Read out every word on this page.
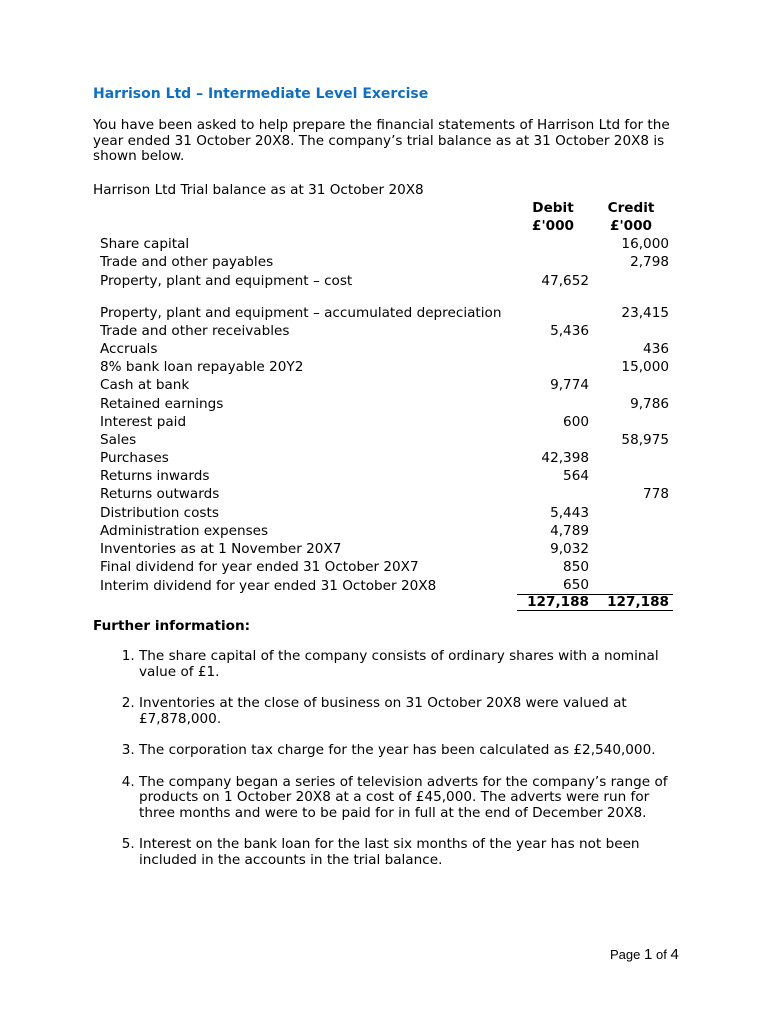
Harrison Ltd – Intermediate Level Exercise

You have been asked to help prepare the financial statements of Harrison Ltd for the year ended 31 October 20X8. The company’s trial balance as at 31 October 20X8 is shown below.

Harrison Ltd Trial balance as at 31 October 20X8
	Debit	Credit
	£'000	£'000
Share capital		16,000
Trade and other payables		2,798
Property, plant and equipment – cost	47,652	
Property, plant and equipment – accumulated depreciation		23,415
Trade and other receivables	5,436	
Accruals		436
8% bank loan repayable 20Y2		15,000
Cash at bank	9,774	
Retained earnings		9,786
Interest paid	600	
Sales		58,975
Purchases	42,398	
Returns inwards	564	
Returns outwards		778
Distribution costs	5,443	
Administration expenses	4,789	
Inventories as at 1 November 20X7	9,032	
Final dividend for year ended 31 October 20X7	850	
Interim dividend for year ended 31 October 20X8	650	
	127,188	127,188
Further information:
1. The share capital of the company consists of ordinary shares with a nominal value of £1.
2. Inventories at the close of business on 31 October 20X8 were valued at £7,878,000.
3. The corporation tax charge for the year has been calculated as £2,540,000.
4. The company began a series of television adverts for the company’s range of products on 1 October 20X8 at a cost of £45,000. The adverts were run for three months and were to be paid for in full at the end of December 20X8.
5. Interest on the bank loan for the last six months of the year has not been included in the accounts in the trial balance.
Page 1 of 4
